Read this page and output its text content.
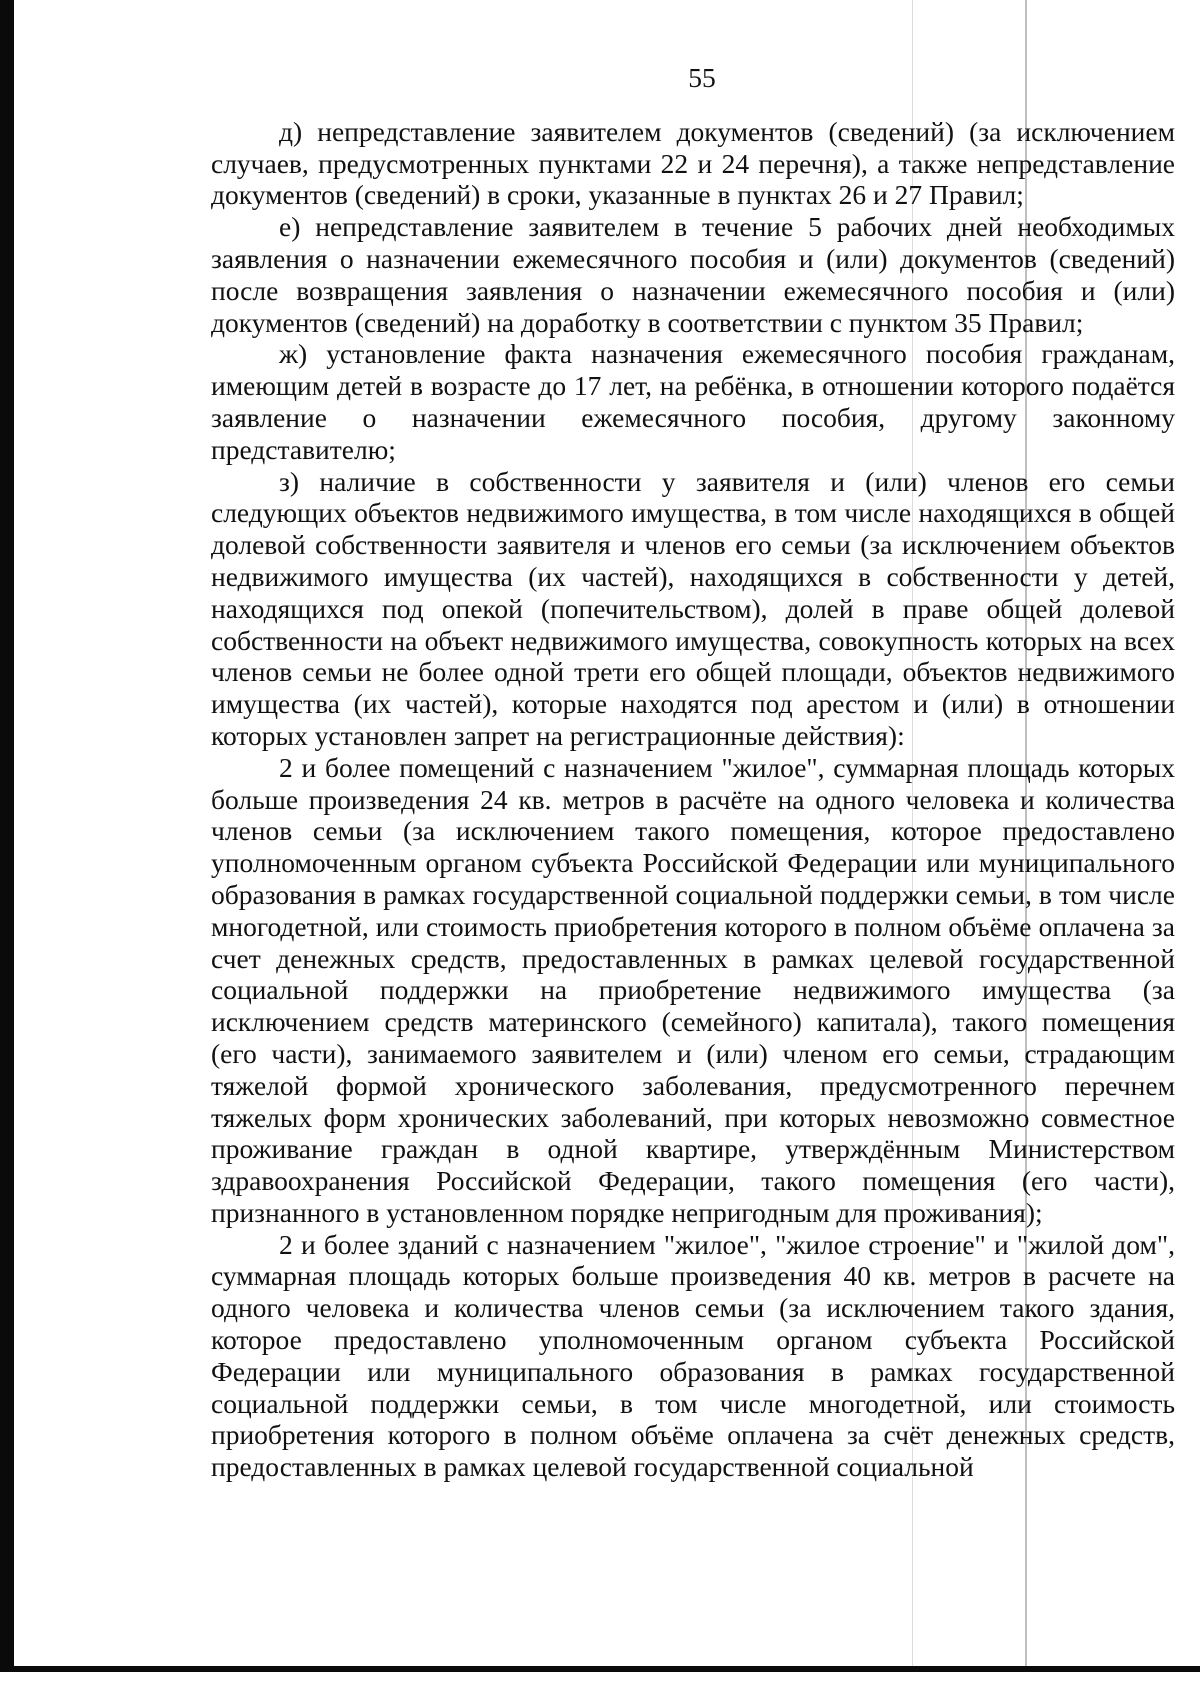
55

д) непредставление заявителем документов (сведений) (за исключением случаев, предусмотренных пунктами 22 и 24 перечня), а также непредставление документов (сведений) в сроки, указанные в пунктах 26 и 27 Правил;

е) непредставление заявителем в течение 5 рабочих дней необходимых заявления о назначении ежемесячного пособия и (или) документов (сведений) после возвращения заявления о назначении ежемесячного пособия и (или) документов (сведений) на доработку в соответствии с пунктом 35 Правил;

ж) установление факта назначения ежемесячного пособия гражданам, имеющим детей в возрасте до 17 лет, на ребёнка, в отношении которого подаётся заявление о назначении ежемесячного пособия, другому законному представителю;

з) наличие в собственности у заявителя и (или) членов его семьи следующих объектов недвижимого имущества, в том числе находящихся в общей долевой собственности заявителя и членов его семьи (за исключением объектов недвижимого имущества (их частей), находящихся в собственности у детей, находящихся под опекой (попечительством), долей в праве общей долевой собственности на объект недвижимого имущества, совокупность которых на всех членов семьи не более одной трети его общей площади, объектов недвижимого имущества (их частей), которые находятся под арестом и (или) в отношении которых установлен запрет на регистрационные действия):

2 и более помещений с назначением "жилое", суммарная площадь которых больше произведения 24 кв. метров в расчёте на одного человека и количества членов семьи (за исключением такого помещения, которое предоставлено уполномоченным органом субъекта Российской Федерации или муниципального образования в рамках государственной социальной поддержки семьи, в том числе многодетной, или стоимость приобретения которого в полном объёме оплачена за счет денежных средств, предоставленных в рамках целевой государственной социальной поддержки на приобретение недвижимого имущества (за исключением средств материнского (семейного) капитала), такого помещения (его части), занимаемого заявителем и (или) членом его семьи, страдающим тяжелой формой хронического заболевания, предусмотренного перечнем тяжелых форм хронических заболеваний, при которых невозможно совместное проживание граждан в одной квартире, утверждённым Министерством здравоохранения Российской Федерации, такого помещения (его части), признанного в установленном порядке непригодным для проживания);

2 и более зданий с назначением "жилое", "жилое строение" и "жилой дом", суммарная площадь которых больше произведения 40 кв. метров в расчете на одного человека и количества членов семьи (за исключением такого здания, которое предоставлено уполномоченным органом субъекта Российской Федерации или муниципального образования в рамках государственной социальной поддержки семьи, в том числе многодетной, или стоимость приобретения которого в полном объёме оплачена за счёт денежных средств, предоставленных в рамках целевой государственной социальной
